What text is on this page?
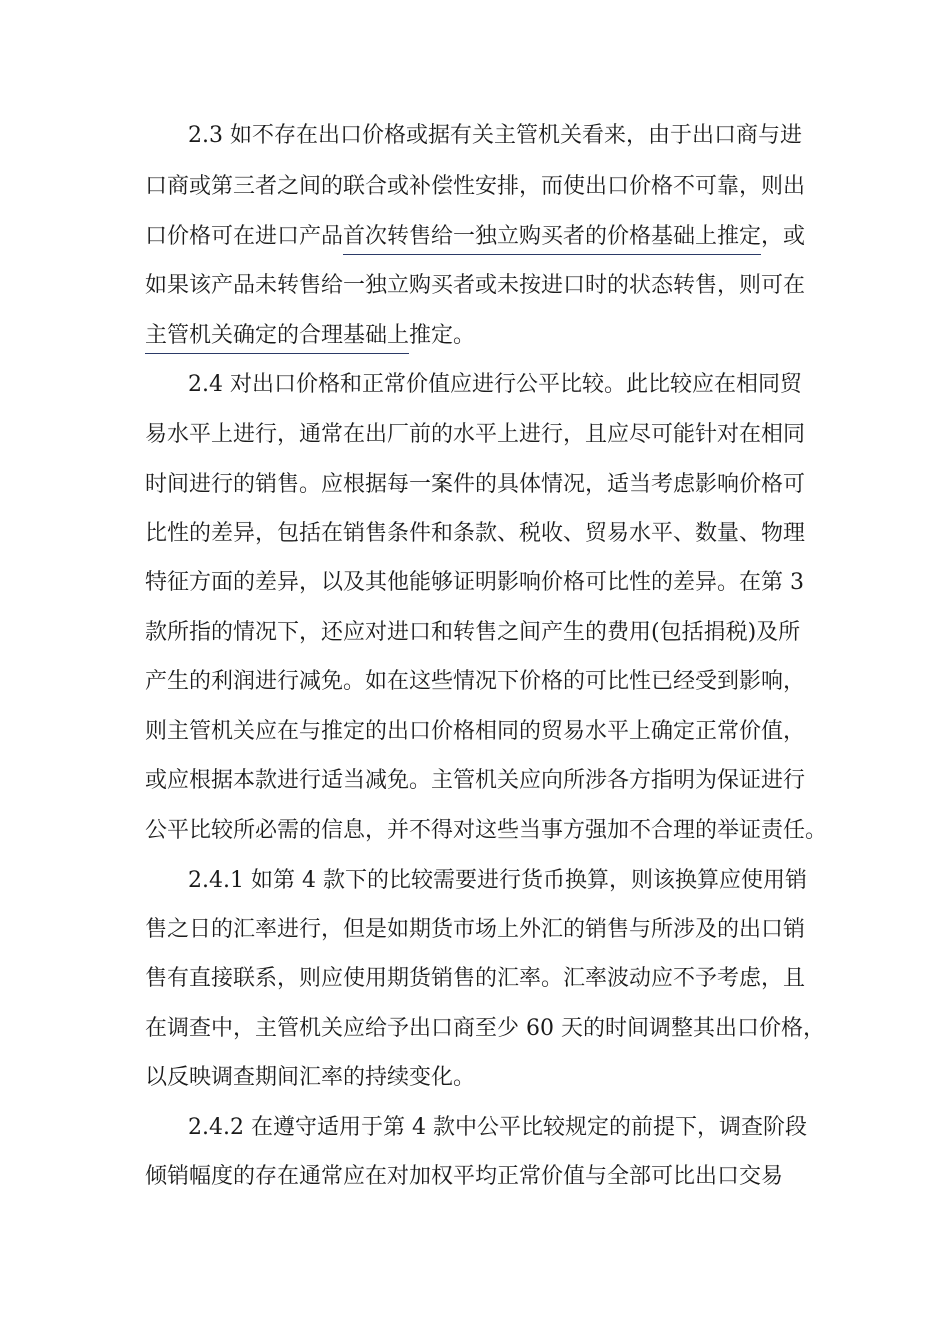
2.3 如不存在出口价格或据有关主管机关看来，由于出口商与进
口商或第三者之间的联合或补偿性安排，而使出口价格不可靠，则出
口价格可在进口产品首次转售给一独立购买者的价格基础上推定，或
如果该产品未转售给一独立购买者或未按进口时的状态转售，则可在
主管机关确定的合理基础上推定。
2.4 对出口价格和正常价值应进行公平比较。此比较应在相同贸
易水平上进行，通常在出厂前的水平上进行，且应尽可能针对在相同
时间进行的销售。应根据每一案件的具体情况，适当考虑影响价格可
比性的差异，包括在销售条件和条款、税收、贸易水平、数量、物理
特征方面的差异，以及其他能够证明影响价格可比性的差异。在第 3
款所指的情况下，还应对进口和转售之间产生的费用(包括捐税)及所
产生的利润进行减免。如在这些情况下价格的可比性已经受到影响，
则主管机关应在与推定的出口价格相同的贸易水平上确定正常价值，
或应根据本款进行适当减免。主管机关应向所涉各方指明为保证进行
公平比较所必需的信息，并不得对这些当事方强加不合理的举证责任。
2.4.1 如第 4 款下的比较需要进行货币换算，则该换算应使用销
售之日的汇率进行，但是如期货市场上外汇的销售与所涉及的出口销
售有直接联系，则应使用期货销售的汇率。汇率波动应不予考虑，且
在调查中，主管机关应给予出口商至少 60 天的时间调整其出口价格，
以反映调查期间汇率的持续变化。
2.4.2 在遵守适用于第 4 款中公平比较规定的前提下，调查阶段
倾销幅度的存在通常应在对加权平均正常价值与全部可比出口交易
